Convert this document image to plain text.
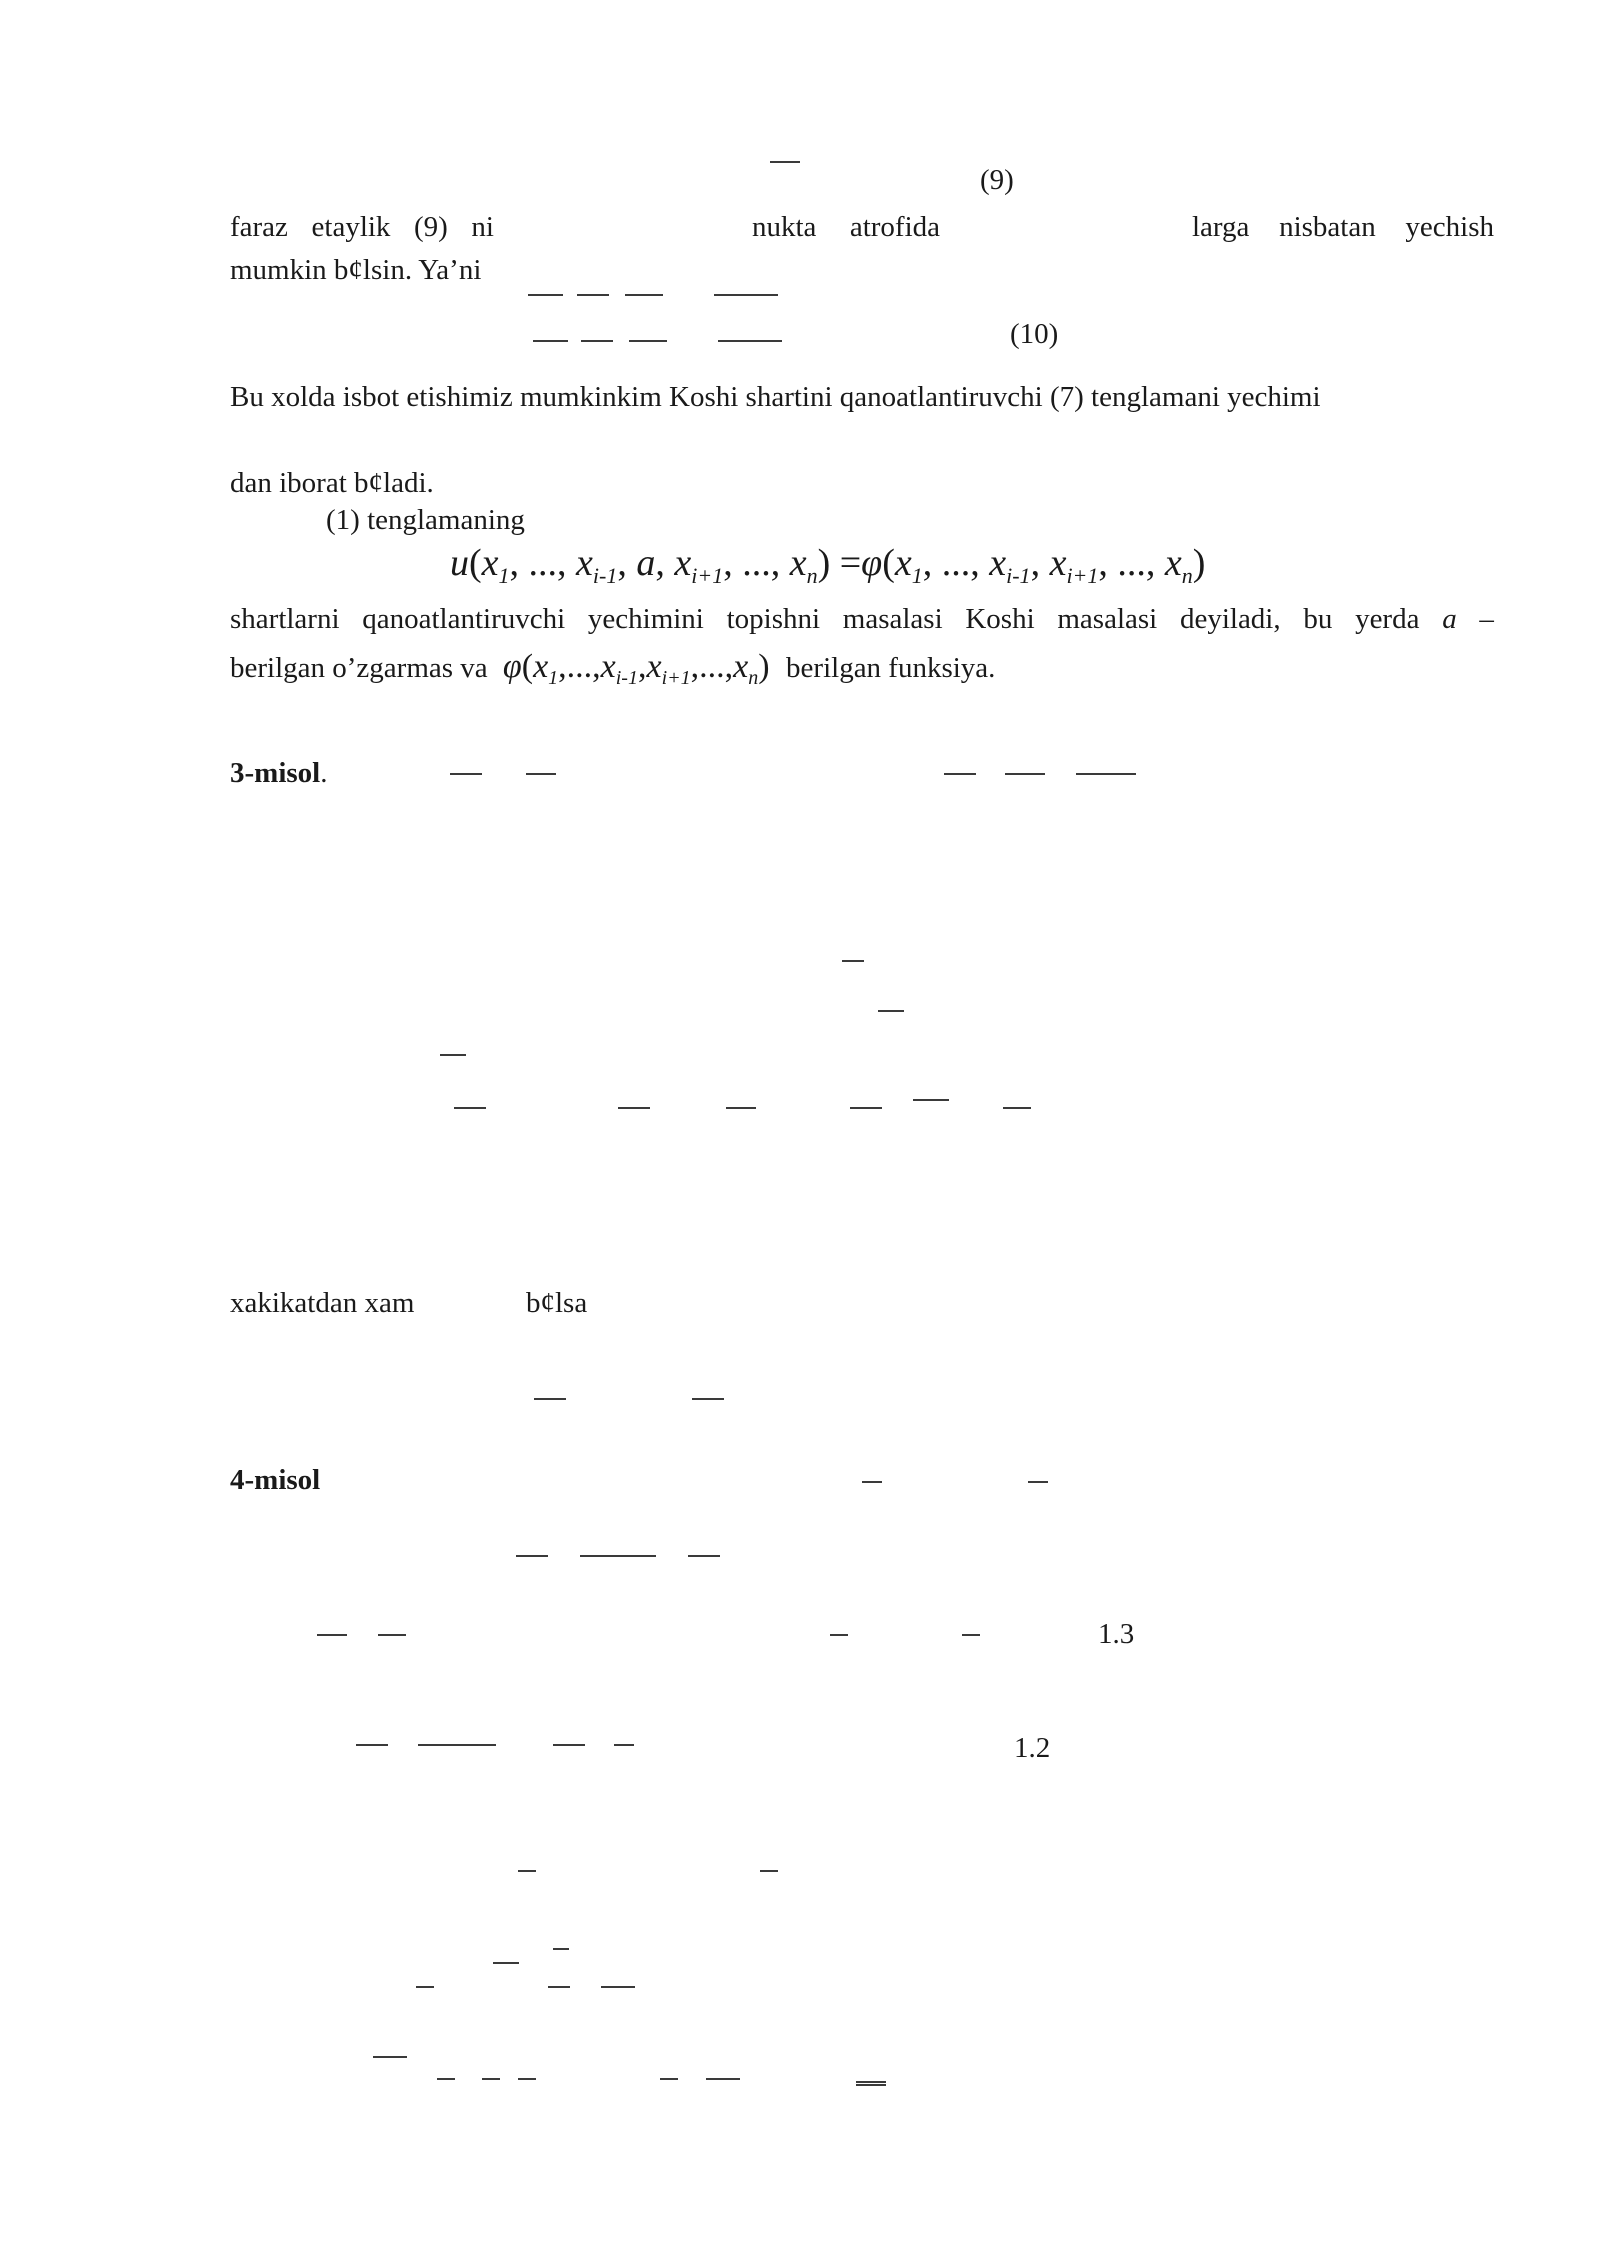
(9)
faraz etaylik (9) ni	nukta atrofida	larga nisbatan yechish
mumkin b¢lsin. Ya’ni
(10)
Bu xolda isbot etishimiz mumkinkim Koshi shartini qanoatlantiruvchi (7) tenglamani yechimi
dan iborat b¢ladi.
(1) tenglamaning
$u(x_1$, ..., $x_{i-1}$, a, $x_{i+1}$, ..., $x_n) =\varphi(x_1$, ..., $x_{i-1}$, $x_{i+1}$, ..., $x_n$)
shartlarni qanoatlantiruvchi yechimini topishni masalasi Koshi masalasi deyiladi, bu yerda a –
berilgan o’zgarmas va $\varphi(x_1,...,x_{i-1},x_{i+1},...,x_n)$ berilgan funksiya.
3-misol.
xakikatdan xam	b¢lsa
4-misol
1.3
1.2
